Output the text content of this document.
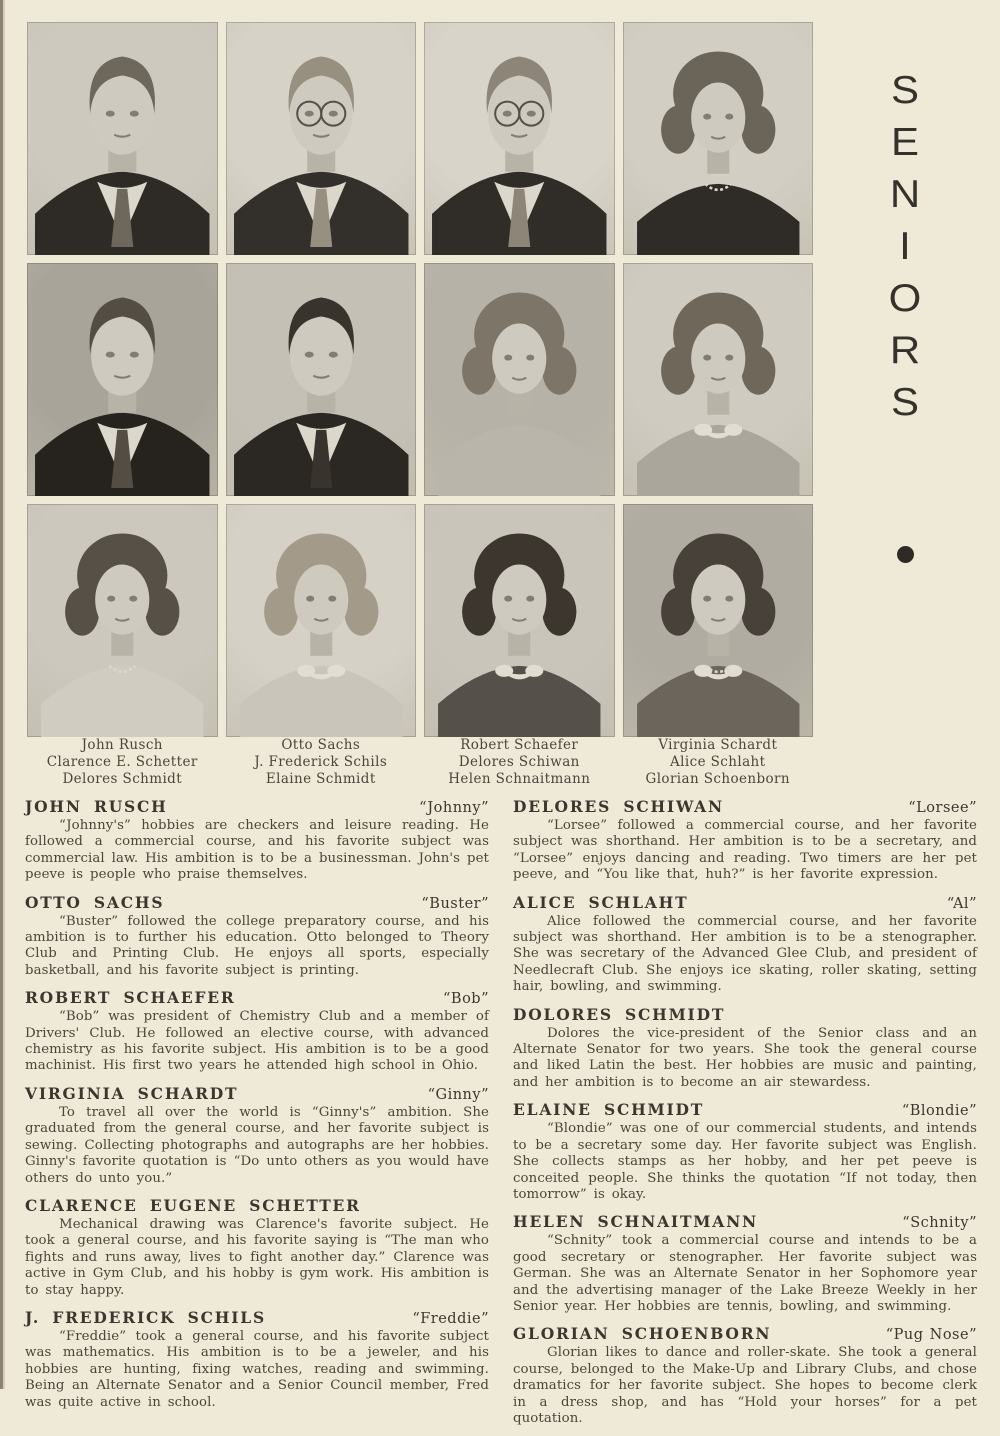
S
E
N
I
O
R
S
John Rusch
Clarence E. Schetter
Delores Schmidt
Otto Sachs
J. Frederick Schils
Elaine Schmidt
Robert Schaefer
Delores Schiwan
Helen Schnaitmann
Virginia Schardt
Alice Schlaht
Glorian Schoenborn
JOHN RUSCH	“Johnny”
“Johnny's” hobbies are checkers and leisure reading. He followed a commercial course, and his favorite subject was commercial law. His ambition is to be a businessman. John's pet peeve is people who praise themselves.
OTTO SACHS	“Buster”
“Buster” followed the college preparatory course, and his ambition is to further his education. Otto belonged to Theory Club and Printing Club. He enjoys all sports, especially basketball, and his favorite subject is printing.
ROBERT SCHAEFER	“Bob”
“Bob” was president of Chemistry Club and a member of Drivers' Club. He followed an elective course, with advanced chemistry as his favorite subject. His ambition is to be a good machinist. His first two years he attended high school in Ohio.
VIRGINIA SCHARDT	“Ginny”
To travel all over the world is “Ginny's” ambition. She graduated from the general course, and her favorite subject is sewing. Collecting photographs and autographs are her hobbies. Ginny's favorite quotation is “Do unto others as you would have others do unto you.”
CLARENCE EUGENE SCHETTER
Mechanical drawing was Clarence's favorite subject. He took a general course, and his favorite saying is “The man who fights and runs away, lives to fight another day.” Clarence was active in Gym Club, and his hobby is gym work. His ambition is to stay happy.
J. FREDERICK SCHILS	“Freddie”
“Freddie” took a general course, and his favorite subject was mathematics. His ambition is to be a jeweler, and his hobbies are hunting, fixing watches, reading and swimming. Being an Alternate Senator and a Senior Council member, Fred was quite active in school.
DELORES SCHIWAN	“Lorsee”
“Lorsee” followed a commercial course, and her favorite subject was shorthand. Her ambition is to be a secretary, and “Lorsee” enjoys dancing and reading. Two timers are her pet peeve, and “You like that, huh?” is her favorite expression.
ALICE SCHLAHT	“Al”
Alice followed the commercial course, and her favorite subject was shorthand. Her ambition is to be a stenographer. She was secretary of the Advanced Glee Club, and president of Needlecraft Club. She enjoys ice skating, roller skating, setting hair, bowling, and swimming.
DOLORES SCHMIDT
Dolores the vice-president of the Senior class and an Alternate Senator for two years. She took the general course and liked Latin the best. Her hobbies are music and painting, and her ambition is to become an air stewardess.
ELAINE SCHMIDT	“Blondie”
“Blondie” was one of our commercial students, and intends to be a secretary some day. Her favorite subject was English. She collects stamps as her hobby, and her pet peeve is conceited people. She thinks the quotation “If not today, then tomorrow” is okay.
HELEN SCHNAITMANN	“Schnity”
“Schnity” took a commercial course and intends to be a good secretary or stenographer. Her favorite subject was German. She was an Alternate Senator in her Sophomore year and the advertising manager of the Lake Breeze Weekly in her Senior year. Her hobbies are tennis, bowling, and swimming.
GLORIAN SCHOENBORN	“Pug Nose”
Glorian likes to dance and roller-skate. She took a general course, belonged to the Make-Up and Library Clubs, and chose dramatics for her favorite subject. She hopes to become clerk in a dress shop, and has “Hold your horses” for a pet quotation.
